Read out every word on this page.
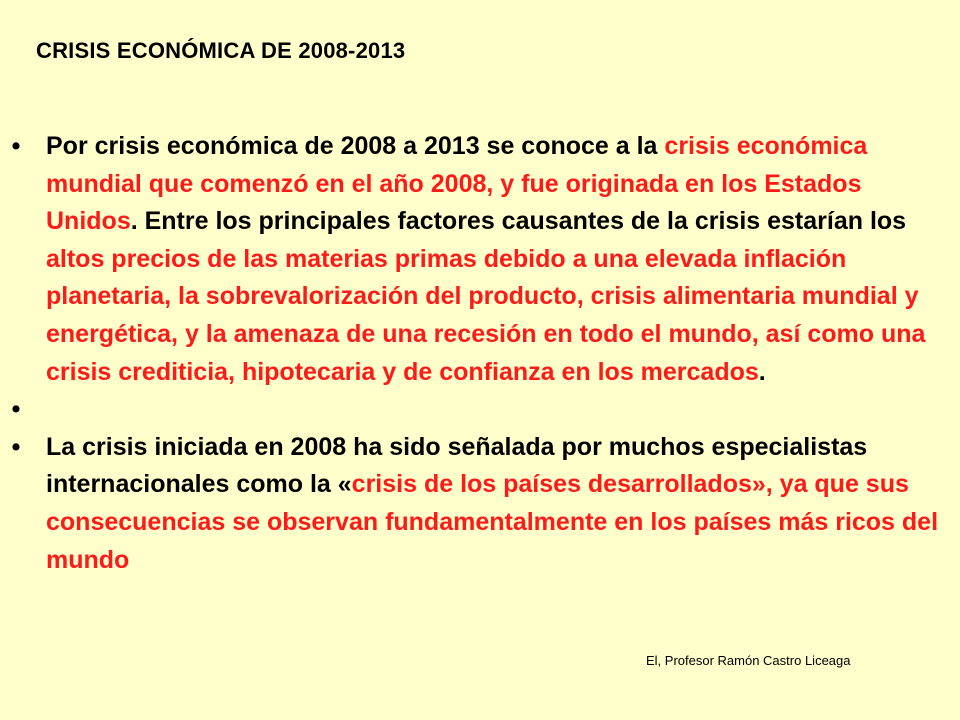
CRISIS ECONÓMICA DE 2008-2013
• Por crisis económica de 2008 a 2013 se conoce a la crisis económica mundial que comenzó en el año 2008, y fue originada en los Estados Unidos. Entre los principales factores causantes de la crisis estarían los altos precios de las materias primas debido a una elevada inflación planetaria, la sobrevalorización del producto, crisis alimentaria mundial y energética, y la amenaza de una recesión en todo el mundo, así como una crisis crediticia, hipotecaria y de confianza en los mercados.
•
• La crisis iniciada en 2008 ha sido señalada por muchos especialistas internacionales como la «crisis de los países desarrollados», ya que sus consecuencias se observan fundamentalmente en los países más ricos del mundo
El, Profesor Ramón Castro Liceaga
